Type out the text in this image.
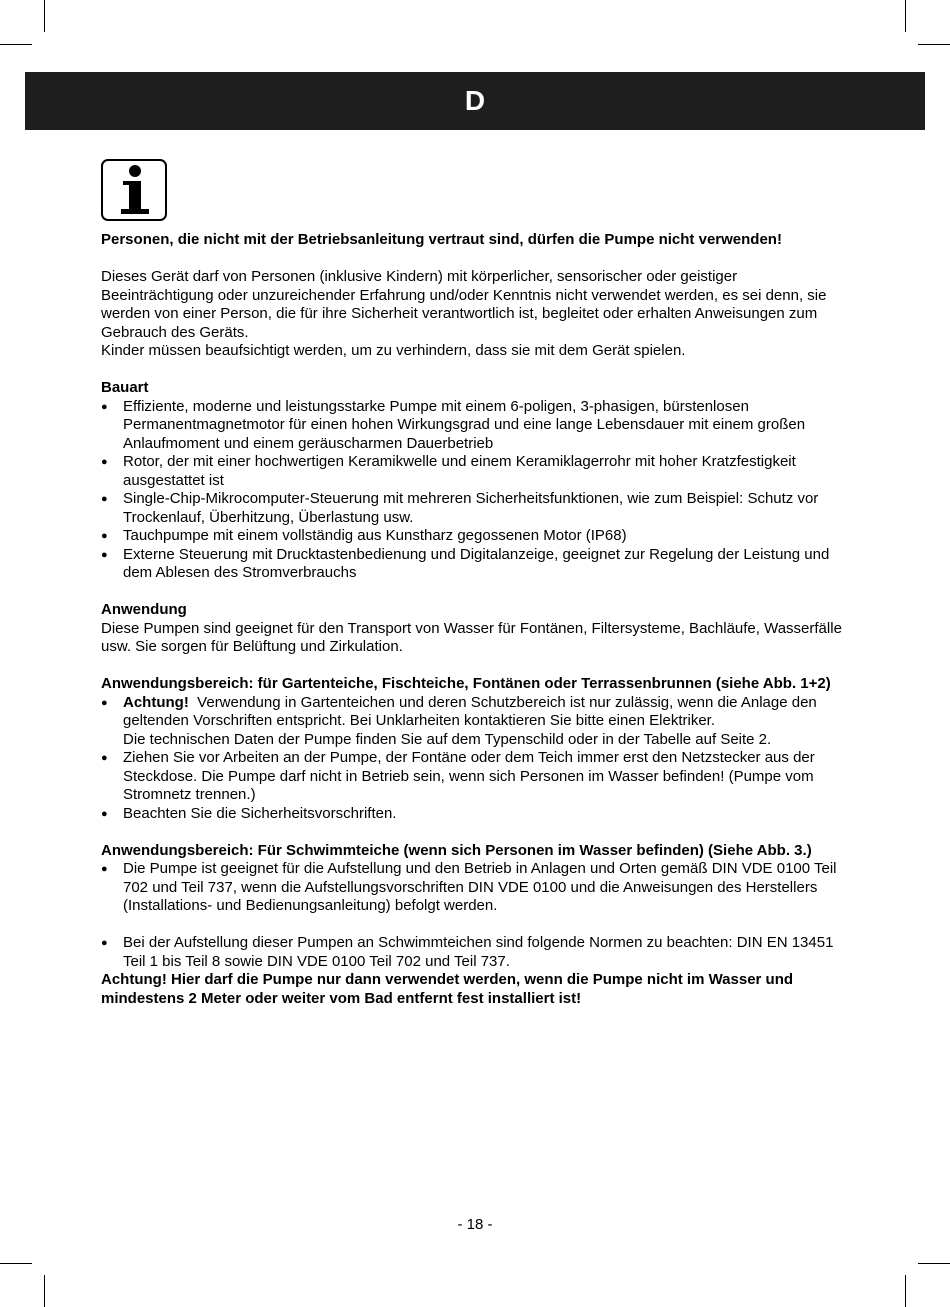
D

Personen, die nicht mit der Betriebsanleitung vertraut sind, dürfen die Pumpe nicht verwenden!

Dieses Gerät darf von Personen (inklusive Kindern) mit körperlicher, sensorischer oder geistiger Beeinträchtigung oder unzureichender Erfahrung und/oder Kenntnis nicht verwendet werden, es sei denn, sie werden von einer Person, die für ihre Sicherheit verantwortlich ist, begleitet oder erhalten Anweisungen zum Gebrauch des Geräts.

Kinder müssen beaufsichtigt werden, um zu verhindern, dass sie mit dem Gerät spielen.

Bauart

● Effiziente, moderne und leistungsstarke Pumpe mit einem 6-poligen, 3-phasigen, bürstenlosen Permanentmagnetmotor für einen hohen Wirkungsgrad und eine lange Lebensdauer mit einem großen Anlaufmoment und einem geräuscharmen Dauerbetrieb
● Rotor, der mit einer hochwertigen Keramikwelle und einem Keramiklagerrohr mit hoher Kratzfestigkeit ausgestattet ist
● Single-Chip-Mikrocomputer-Steuerung mit mehreren Sicherheitsfunktionen, wie zum Beispiel: Schutz vor Trockenlauf, Überhitzung, Überlastung usw.
● Tauchpumpe mit einem vollständig aus Kunstharz gegossenen Motor (IP68)
● Externe Steuerung mit Drucktastenbedienung und Digitalanzeige, geeignet zur Regelung der Leistung und dem Ablesen des Stromverbrauchs

Anwendung

Diese Pumpen sind geeignet für den Transport von Wasser für Fontänen, Filtersysteme, Bachläufe, Wasserfälle usw. Sie sorgen für Belüftung und Zirkulation.

Anwendungsbereich: für Gartenteiche, Fischteiche, Fontänen oder Terrassenbrunnen (siehe Abb. 1+2)

● Achtung! Verwendung in Gartenteichen und deren Schutzbereich ist nur zulässig, wenn die Anlage den geltenden Vorschriften entspricht. Bei Unklarheiten kontaktieren Sie bitte einen Elektriker.
Die technischen Daten der Pumpe finden Sie auf dem Typenschild oder in der Tabelle auf Seite 2.
● Ziehen Sie vor Arbeiten an der Pumpe, der Fontäne oder dem Teich immer erst den Netzstecker aus der Steckdose. Die Pumpe darf nicht in Betrieb sein, wenn sich Personen im Wasser befinden! (Pumpe vom Stromnetz trennen.)
● Beachten Sie die Sicherheitsvorschriften.

Anwendungsbereich: Für Schwimmteiche (wenn sich Personen im Wasser befinden) (Siehe Abb. 3.)

● Die Pumpe ist geeignet für die Aufstellung und den Betrieb in Anlagen und Orten gemäß DIN VDE 0100 Teil 702 und Teil 737, wenn die Aufstellungsvorschriften DIN VDE 0100 und die Anweisungen des Herstellers (Installations- und Bedienungsanleitung) befolgt werden.
● Bei der Aufstellung dieser Pumpen an Schwimmteichen sind folgende Normen zu beachten: DIN EN 13451 Teil 1 bis Teil 8 sowie DIN VDE 0100 Teil 702 und Teil 737.

Achtung! Hier darf die Pumpe nur dann verwendet werden, wenn die Pumpe nicht im Wasser und mindestens 2 Meter oder weiter vom Bad entfernt fest installiert ist!

- 18 -
